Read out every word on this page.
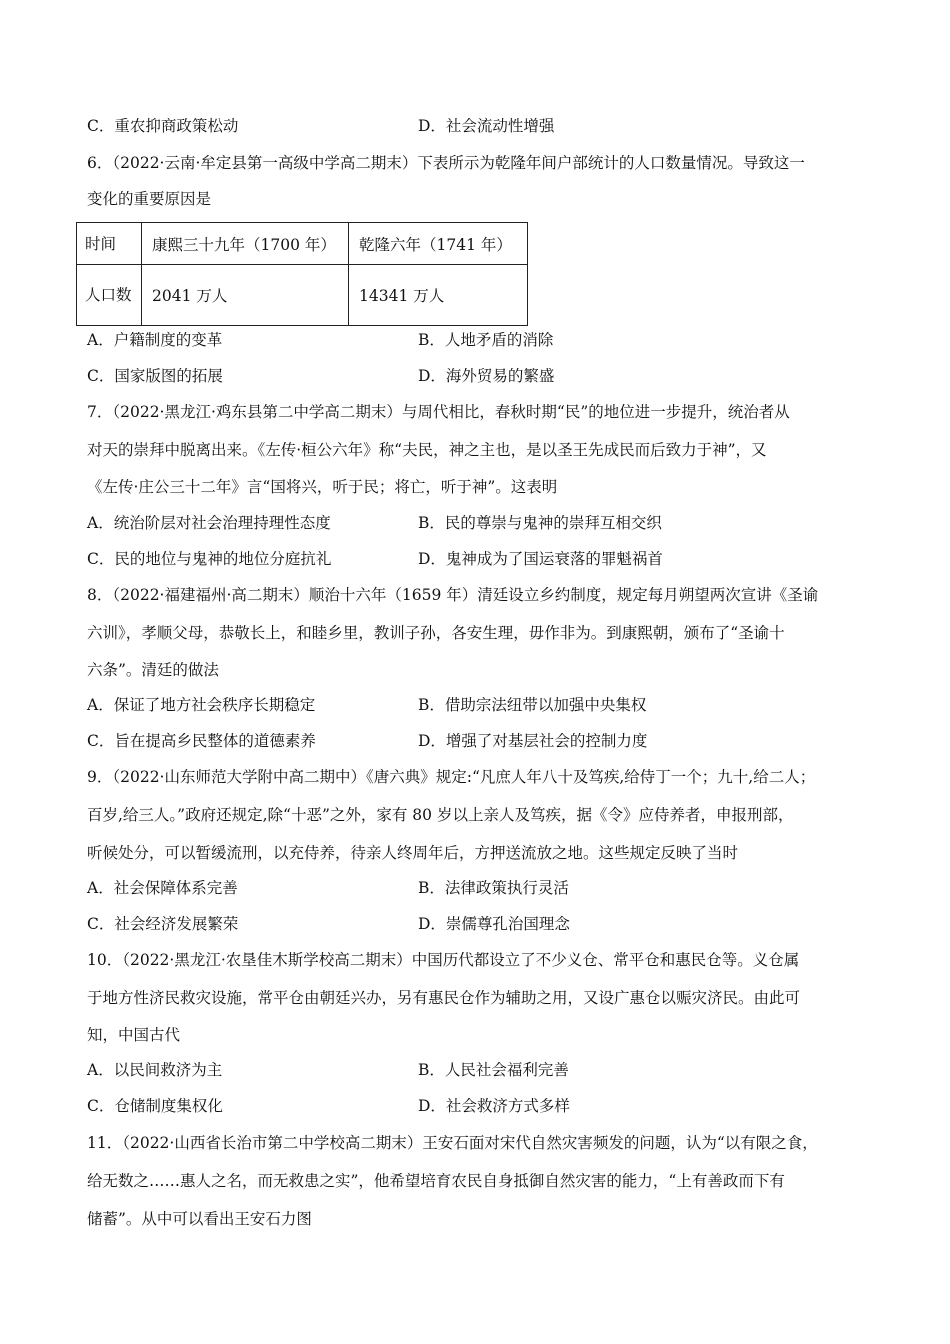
C．重农抑商政策松动	D．社会流动性增强
6．（2022·云南·牟定县第一高级中学高二期末）下表所示为乾隆年间户部统计的人口数量情况。导致这一
变化的重要原因是
时间	康熙三十九年（1700 年）	乾隆六年（1741 年）
人口数	2041 万人	14341 万人
A．户籍制度的变革	B．人地矛盾的消除
C．国家版图的拓展	D．海外贸易的繁盛
7．（2022·黑龙江·鸡东县第二中学高二期末）与周代相比，春秋时期“民”的地位进一步提升，统治者从
对天的崇拜中脱离出来。《左传·桓公六年》称“夫民，神之主也，是以圣王先成民而后致力于神”，又
《左传·庄公三十二年》言“国将兴，听于民；将亡，听于神”。这表明
A．统治阶层对社会治理持理性态度	B．民的尊崇与鬼神的崇拜互相交织
C．民的地位与鬼神的地位分庭抗礼	D．鬼神成为了国运衰落的罪魁祸首
8．（2022·福建福州·高二期末）顺治十六年（1659 年）清廷设立乡约制度，规定每月朔望两次宣讲《圣谕
六训》，孝顺父母，恭敬长上，和睦乡里，教训子孙，各安生理，毋作非为。到康熙朝，颁布了“圣谕十
六条”。清廷的做法
A．保证了地方社会秩序长期稳定	B．借助宗法纽带以加强中央集权
C．旨在提高乡民整体的道德素养	D．增强了对基层社会的控制力度
9．（2022·山东师范大学附中高二期中）《唐六典》规定:“凡庶人年八十及笃疾,给侍丁一个；九十,给二人；
百岁,给三人。”政府还规定,除“十恶”之外，家有 80 岁以上亲人及笃疾，据《令》应侍养者，申报刑部，
听候处分，可以暂缓流刑，以充侍养，待亲人终周年后，方押送流放之地。这些规定反映了当时
A．社会保障体系完善	B．法律政策执行灵活
C．社会经济发展繁荣	D．崇儒尊孔治国理念
10．（2022·黑龙江·农垦佳木斯学校高二期末）中国历代都设立了不少义仓、常平仓和惠民仓等。义仓属
于地方性济民救灾设施，常平仓由朝廷兴办，另有惠民仓作为辅助之用，又设广惠仓以赈灾济民。由此可
知，中国古代
A．以民间救济为主	B．人民社会福利完善
C．仓储制度集权化	D．社会救济方式多样
11．（2022·山西省长治市第二中学校高二期末）王安石面对宋代自然灾害频发的问题，认为“以有限之食，
给无数之……惠人之名，而无救患之实”，他希望培育农民自身抵御自然灾害的能力，“上有善政而下有
储蓄”。从中可以看出王安石力图
